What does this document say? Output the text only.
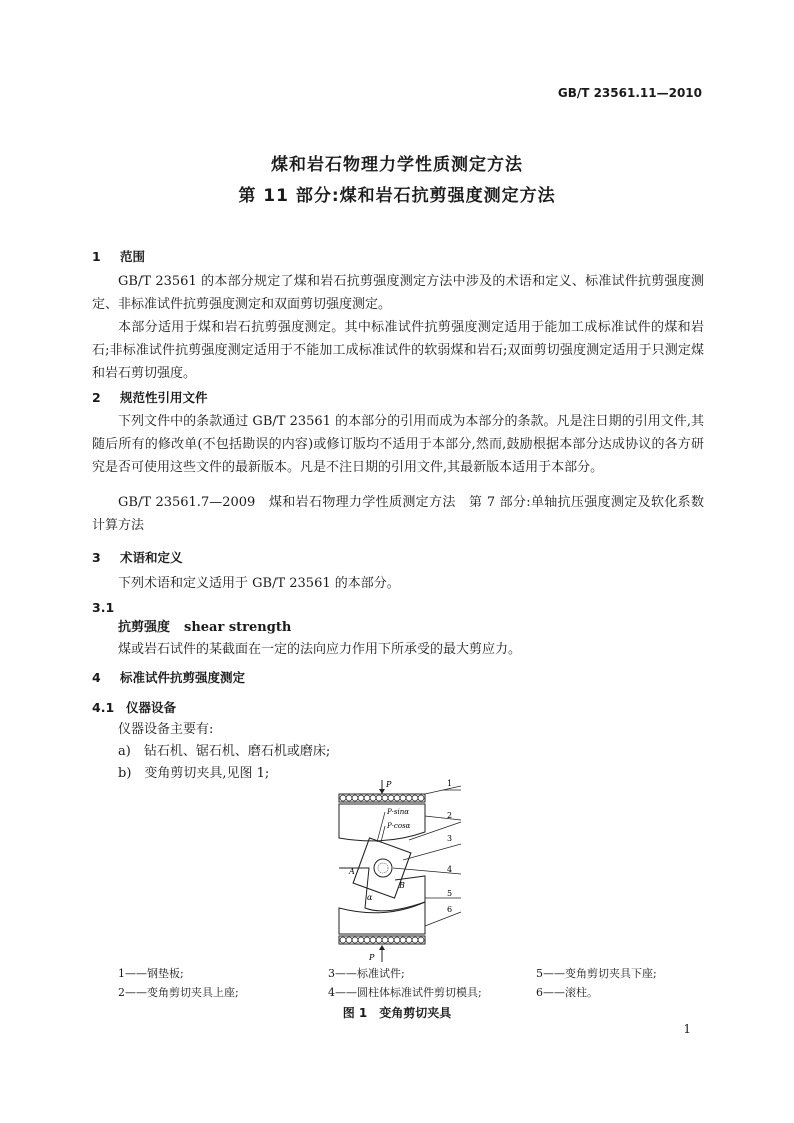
GB/T 23561.11—2010
煤和岩石物理力学性质测定方法
第 11 部分:煤和岩石抗剪强度测定方法
1 范围
GB/T 23561 的本部分规定了煤和岩石抗剪强度测定方法中涉及的术语和定义、标准试件抗剪强度测定、非标准试件抗剪强度测定和双面剪切强度测定。
本部分适用于煤和岩石抗剪强度测定。其中标准试件抗剪强度测定适用于能加工成标准试件的煤和岩石;非标准试件抗剪强度测定适用于不能加工成标准试件的软弱煤和岩石;双面剪切强度测定适用于只测定煤和岩石剪切强度。
2 规范性引用文件
下列文件中的条款通过 GB/T 23561 的本部分的引用而成为本部分的条款。凡是注日期的引用文件,其随后所有的修改单(不包括勘误的内容)或修订版均不适用于本部分,然而,鼓励根据本部分达成协议的各方研究是否可使用这些文件的最新版本。凡是不注日期的引用文件,其最新版本适用于本部分。
GB/T 23561.7—2009　煤和岩石物理力学性质测定方法　第 7 部分:单轴抗压强度测定及软化系数计算方法
3 术语和定义
下列术语和定义适用于 GB/T 23561 的本部分。
3.1
抗剪强度 shear strength
煤或岩石试件的某截面在一定的法向应力作用下所承受的最大剪应力。
4 标准试件抗剪强度测定
4.1 仪器设备
仪器设备主要有:
a)　钻石机、锯石机、磨石机或磨床;
b)　变角剪切夹具,见图 1;
P
P·sinα
P·cosα
A
B
α
P
1
2
3
4
5
6
1——钢垫板;	3——标准试件;	5——变角剪切夹具下座;
2——变角剪切夹具上座;	4——圆柱体标准试件剪切模具;	6——滚柱。
图 1　变角剪切夹具
1
